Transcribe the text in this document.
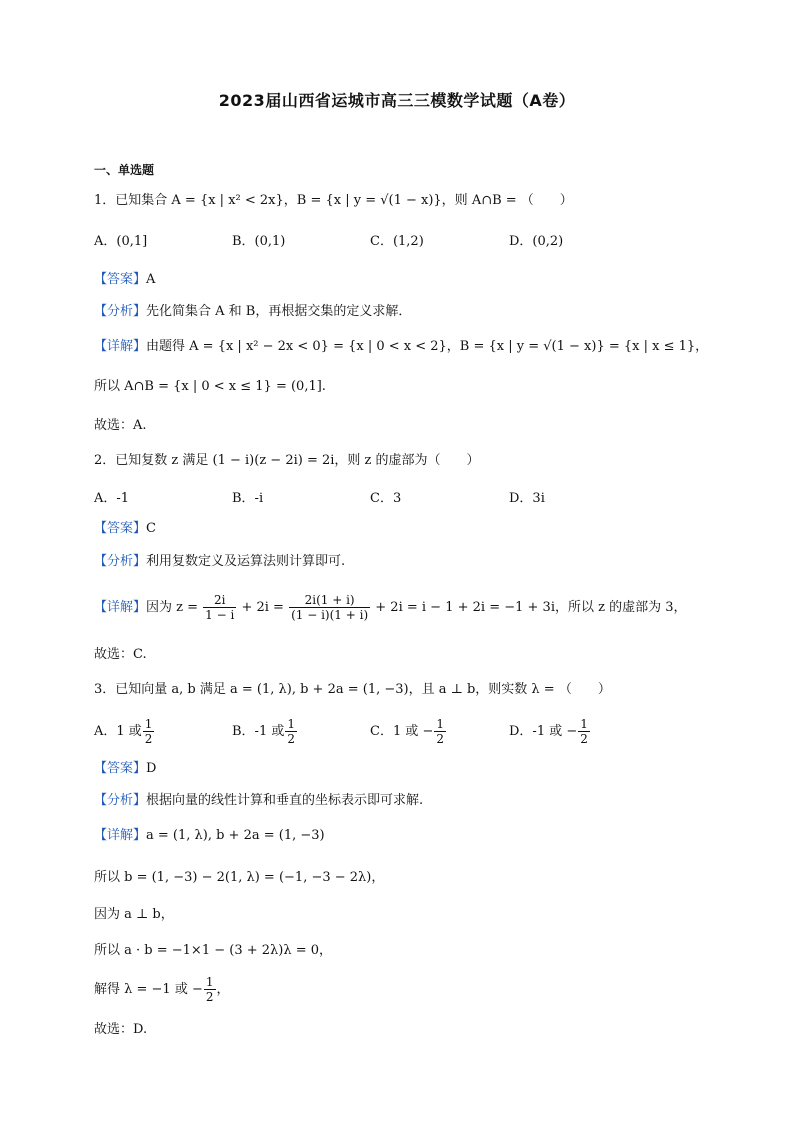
2023届山西省运城市高三三模数学试题（A卷）
一、单选题
1．已知集合 A = {x | x² < 2x}，B = {x | y = √(1 − x)}，则 A∩B = （　　）
A．(0,1]	B．(0,1)	C．(1,2)	D．(0,2)
【答案】A
【分析】先化简集合 A 和 B，再根据交集的定义求解．
【详解】由题得 A = {x | x² − 2x < 0} = {x | 0 < x < 2}，B = {x | y = √(1 − x)} = {x | x ≤ 1}，
所以 A∩B = {x | 0 < x ≤ 1} = (0,1].
故选：A.
2．已知复数 z 满足 (1 − i)(z − 2i) = 2i，则 z 的虚部为（　　）
A．-1	B．-i	C．3	D．3i
【答案】C
【分析】利用复数定义及运算法则计算即可.
【详解】因为 $z = \frac{2i}{1 - i} + 2i = \frac{2i(1 + i)}{(1 - i)(1 + i)} + 2i = i - 1 + 2i = -1 + 3i$，所以 z 的虚部为 3，
故选：C.
3．已知向量 a, b 满足 a = (1, λ), b + 2a = (1, −3)，且 a ⊥ b，则实数 λ = （　　）
A．1 或 $\frac{1}{2}$	B．-1 或 $\frac{1}{2}$	C．1 或 − $\frac{1}{2}$	D．-1 或 − $\frac{1}{2}$
【答案】D
【分析】根据向量的线性计算和垂直的坐标表示即可求解.
【详解】a = (1, λ), b + 2a = (1, −3)
所以 b = (1, −3) − 2(1, λ) = (−1, −3 − 2λ)，
因为 a ⊥ b，
所以 a · b = −1×1 − (3 + 2λ)λ = 0，
解得 λ = −1 或 − $\frac{1}{2}$ ，
故选：D.
